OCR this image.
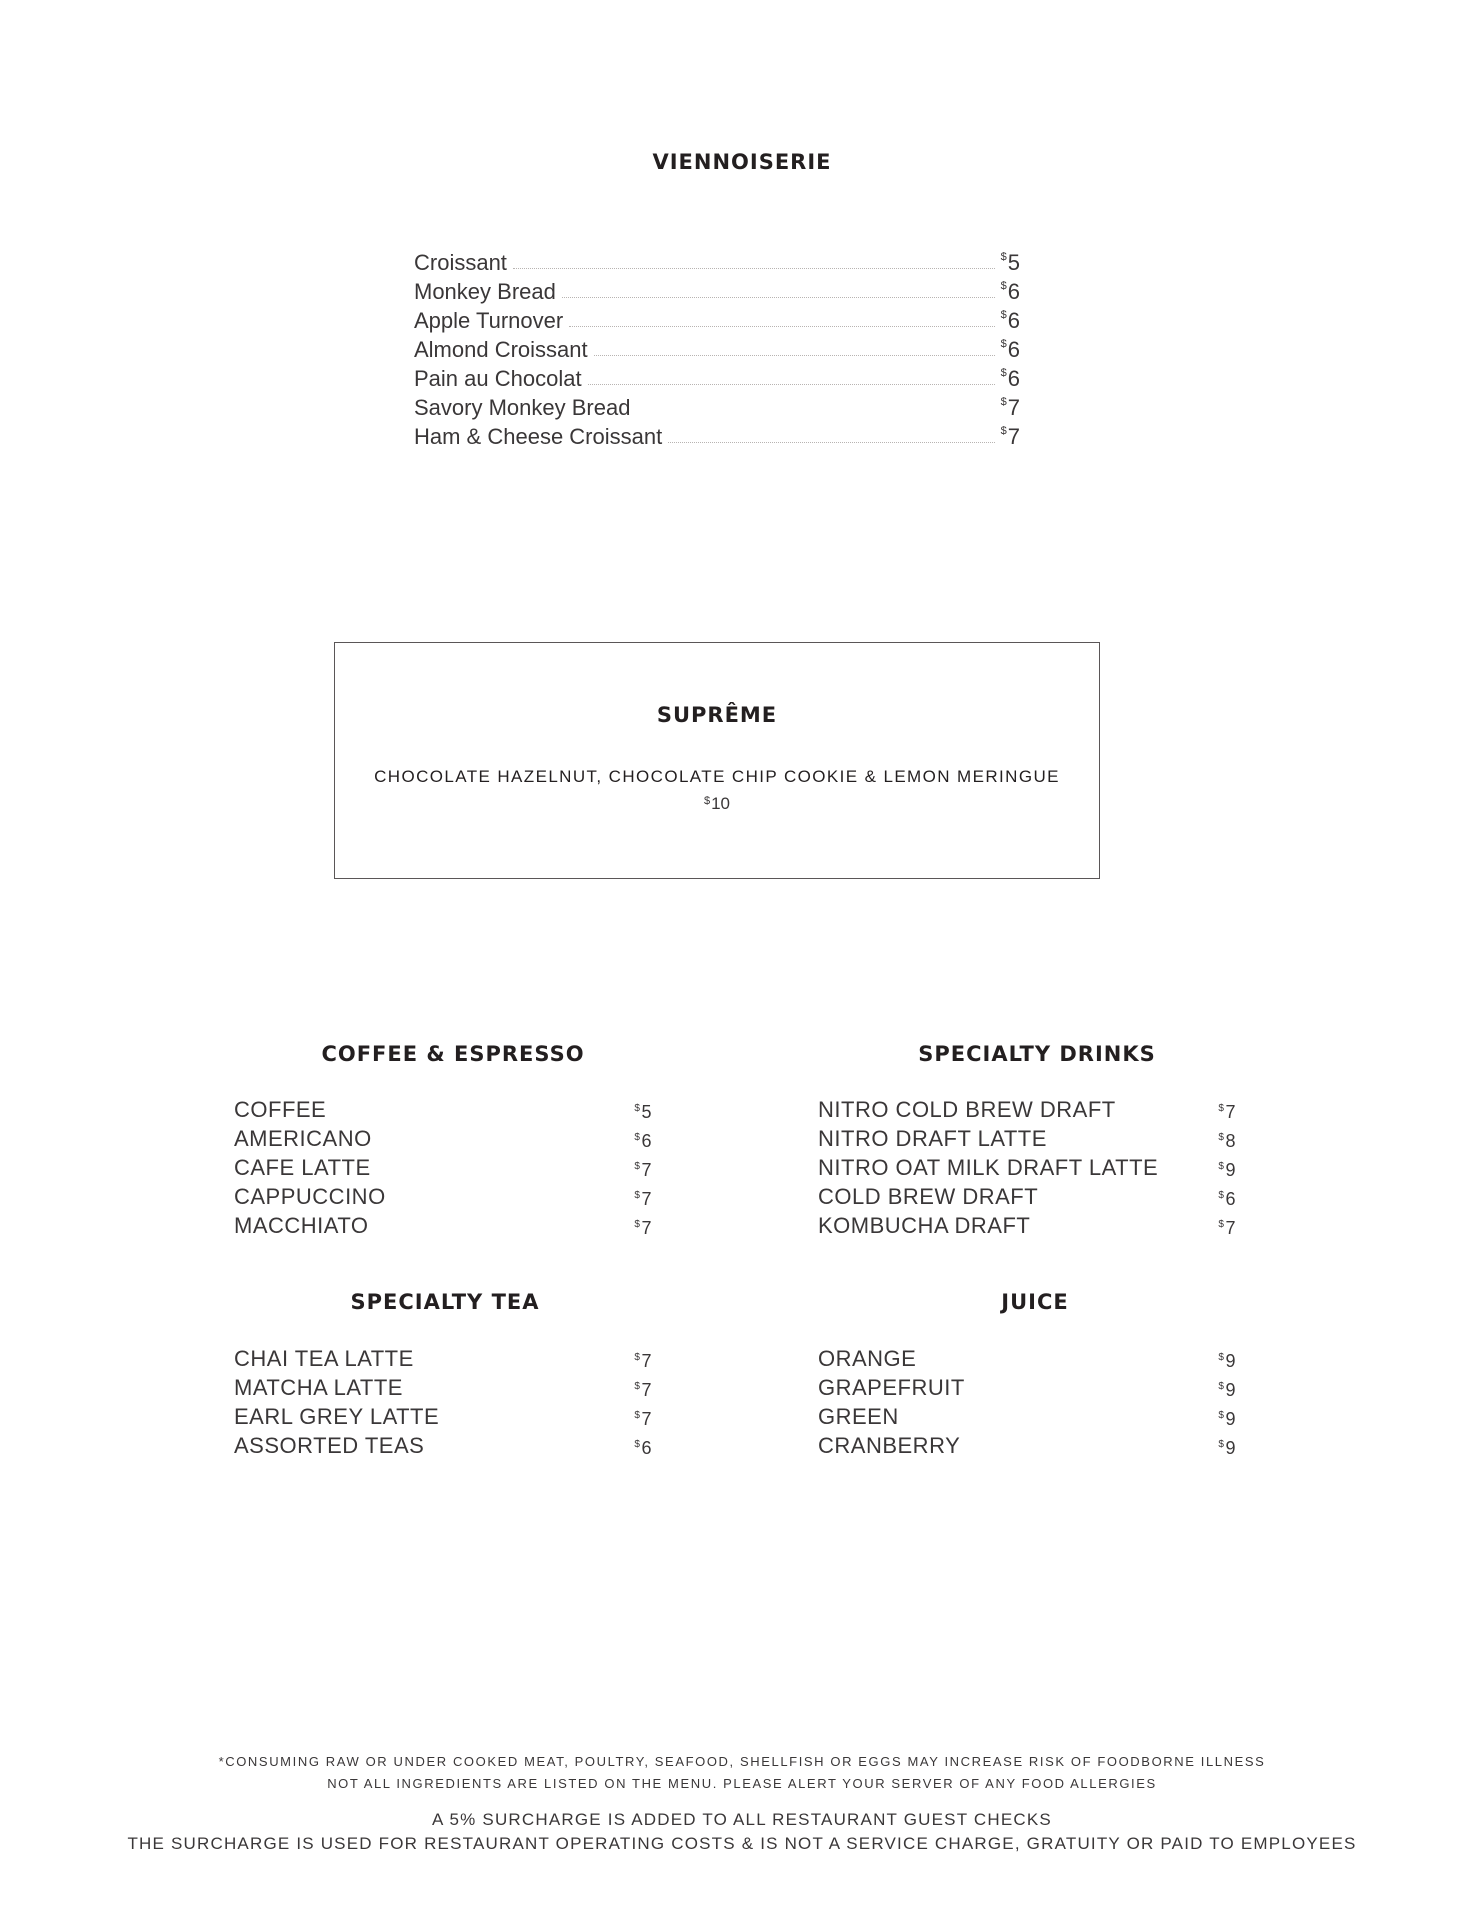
VIENNOISERIE
Croissant	$5
Monkey Bread	$6
Apple Turnover	$6
Almond Croissant	$6
Pain au Chocolat	$6
Savory Monkey Bread	$7
Ham & Cheese Croissant	$7
SUPRÊME
CHOCOLATE HAZELNUT, CHOCOLATE CHIP COOKIE & LEMON MERINGUE
$10
COFFEE & ESPRESSO
COFFEE	$5
AMERICANO	$6
CAFE LATTE	$7
CAPPUCCINO	$7
MACCHIATO	$7
SPECIALTY DRINKS
NITRO COLD BREW DRAFT	$7
NITRO DRAFT LATTE	$8
NITRO OAT MILK DRAFT LATTE	$9
COLD BREW DRAFT	$6
KOMBUCHA DRAFT	$7
SPECIALTY TEA
CHAI TEA LATTE	$7
MATCHA LATTE	$7
EARL GREY LATTE	$7
ASSORTED TEAS	$6
JUICE
ORANGE	$9
GRAPEFRUIT	$9
GREEN	$9
CRANBERRY	$9
*CONSUMING RAW OR UNDER COOKED MEAT, POULTRY, SEAFOOD, SHELLFISH OR EGGS MAY INCREASE RISK OF FOODBORNE ILLNESS
NOT ALL INGREDIENTS ARE LISTED ON THE MENU. PLEASE ALERT YOUR SERVER OF ANY FOOD ALLERGIES
A 5% SURCHARGE IS ADDED TO ALL RESTAURANT GUEST CHECKS
THE SURCHARGE IS USED FOR RESTAURANT OPERATING COSTS & IS NOT A SERVICE CHARGE, GRATUITY OR PAID TO EMPLOYEES
